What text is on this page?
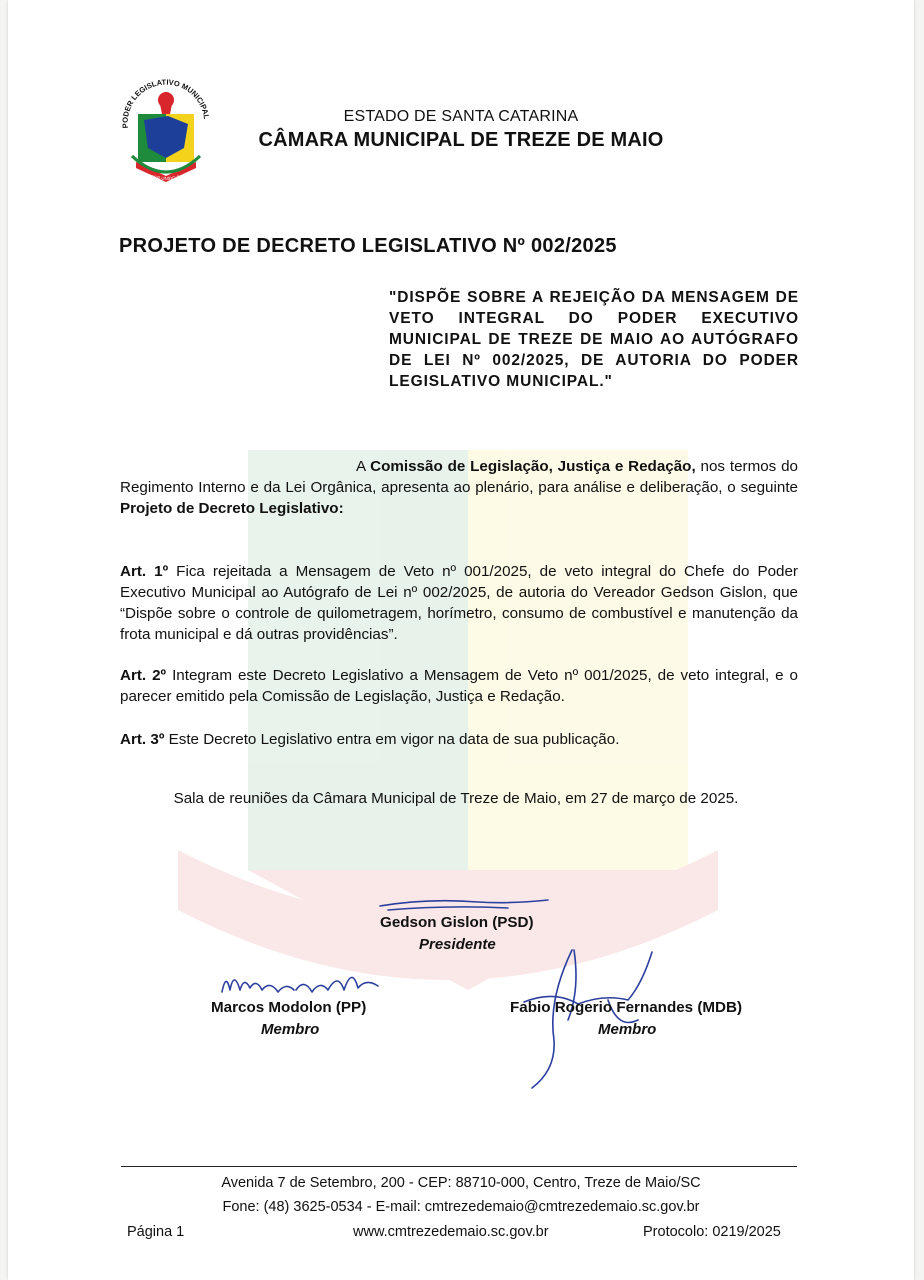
PODER LEGISLATIVO MUNICIPAL
O PODER UNIDO É MAIS
ESTADO DE SANTA CATARINA
CÂMARA MUNICIPAL DE TREZE DE MAIO
PROJETO DE DECRETO LEGISLATIVO Nº 002/2025
"DISPÕE SOBRE A REJEIÇÃO DA MENSAGEM DE VETO INTEGRAL DO PODER EXECUTIVO MUNICIPAL DE TREZE DE MAIO AO AUTÓGRAFO DE LEI Nº 002/2025, DE AUTORIA DO PODER LEGISLATIVO MUNICIPAL."
A Comissão de Legislação, Justiça e Redação, nos termos do Regimento Interno e da Lei Orgânica, apresenta ao plenário, para análise e deliberação, o seguinte Projeto de Decreto Legislativo:
Art. 1º Fica rejeitada a Mensagem de Veto nº 001/2025, de veto integral do Chefe do Poder Executivo Municipal ao Autógrafo de Lei nº 002/2025, de autoria do Vereador Gedson Gislon, que “Dispõe sobre o controle de quilometragem, horímetro, consumo de combustível e manutenção da frota municipal e dá outras providências”.
Art. 2º Integram este Decreto Legislativo a Mensagem de Veto nº 001/2025, de veto integral, e o parecer emitido pela Comissão de Legislação, Justiça e Redação.
Art. 3º Este Decreto Legislativo entra em vigor na data de sua publicação.
Sala de reuniões da Câmara Municipal de Treze de Maio, em 27 de março de 2025.
Gedson Gislon (PSD)
Presidente
Marcos Modolon (PP)
Membro
Fabio Rogerio Fernandes (MDB)
Membro
Avenida 7 de Setembro, 200 - CEP: 88710-000, Centro, Treze de Maio/SC
Fone: (48) 3625-0534 - E-mail: cmtrezedemaio@cmtrezedemaio.sc.gov.br
Página 1	www.cmtrezedemaio.sc.gov.br	Protocolo: 0219/2025
